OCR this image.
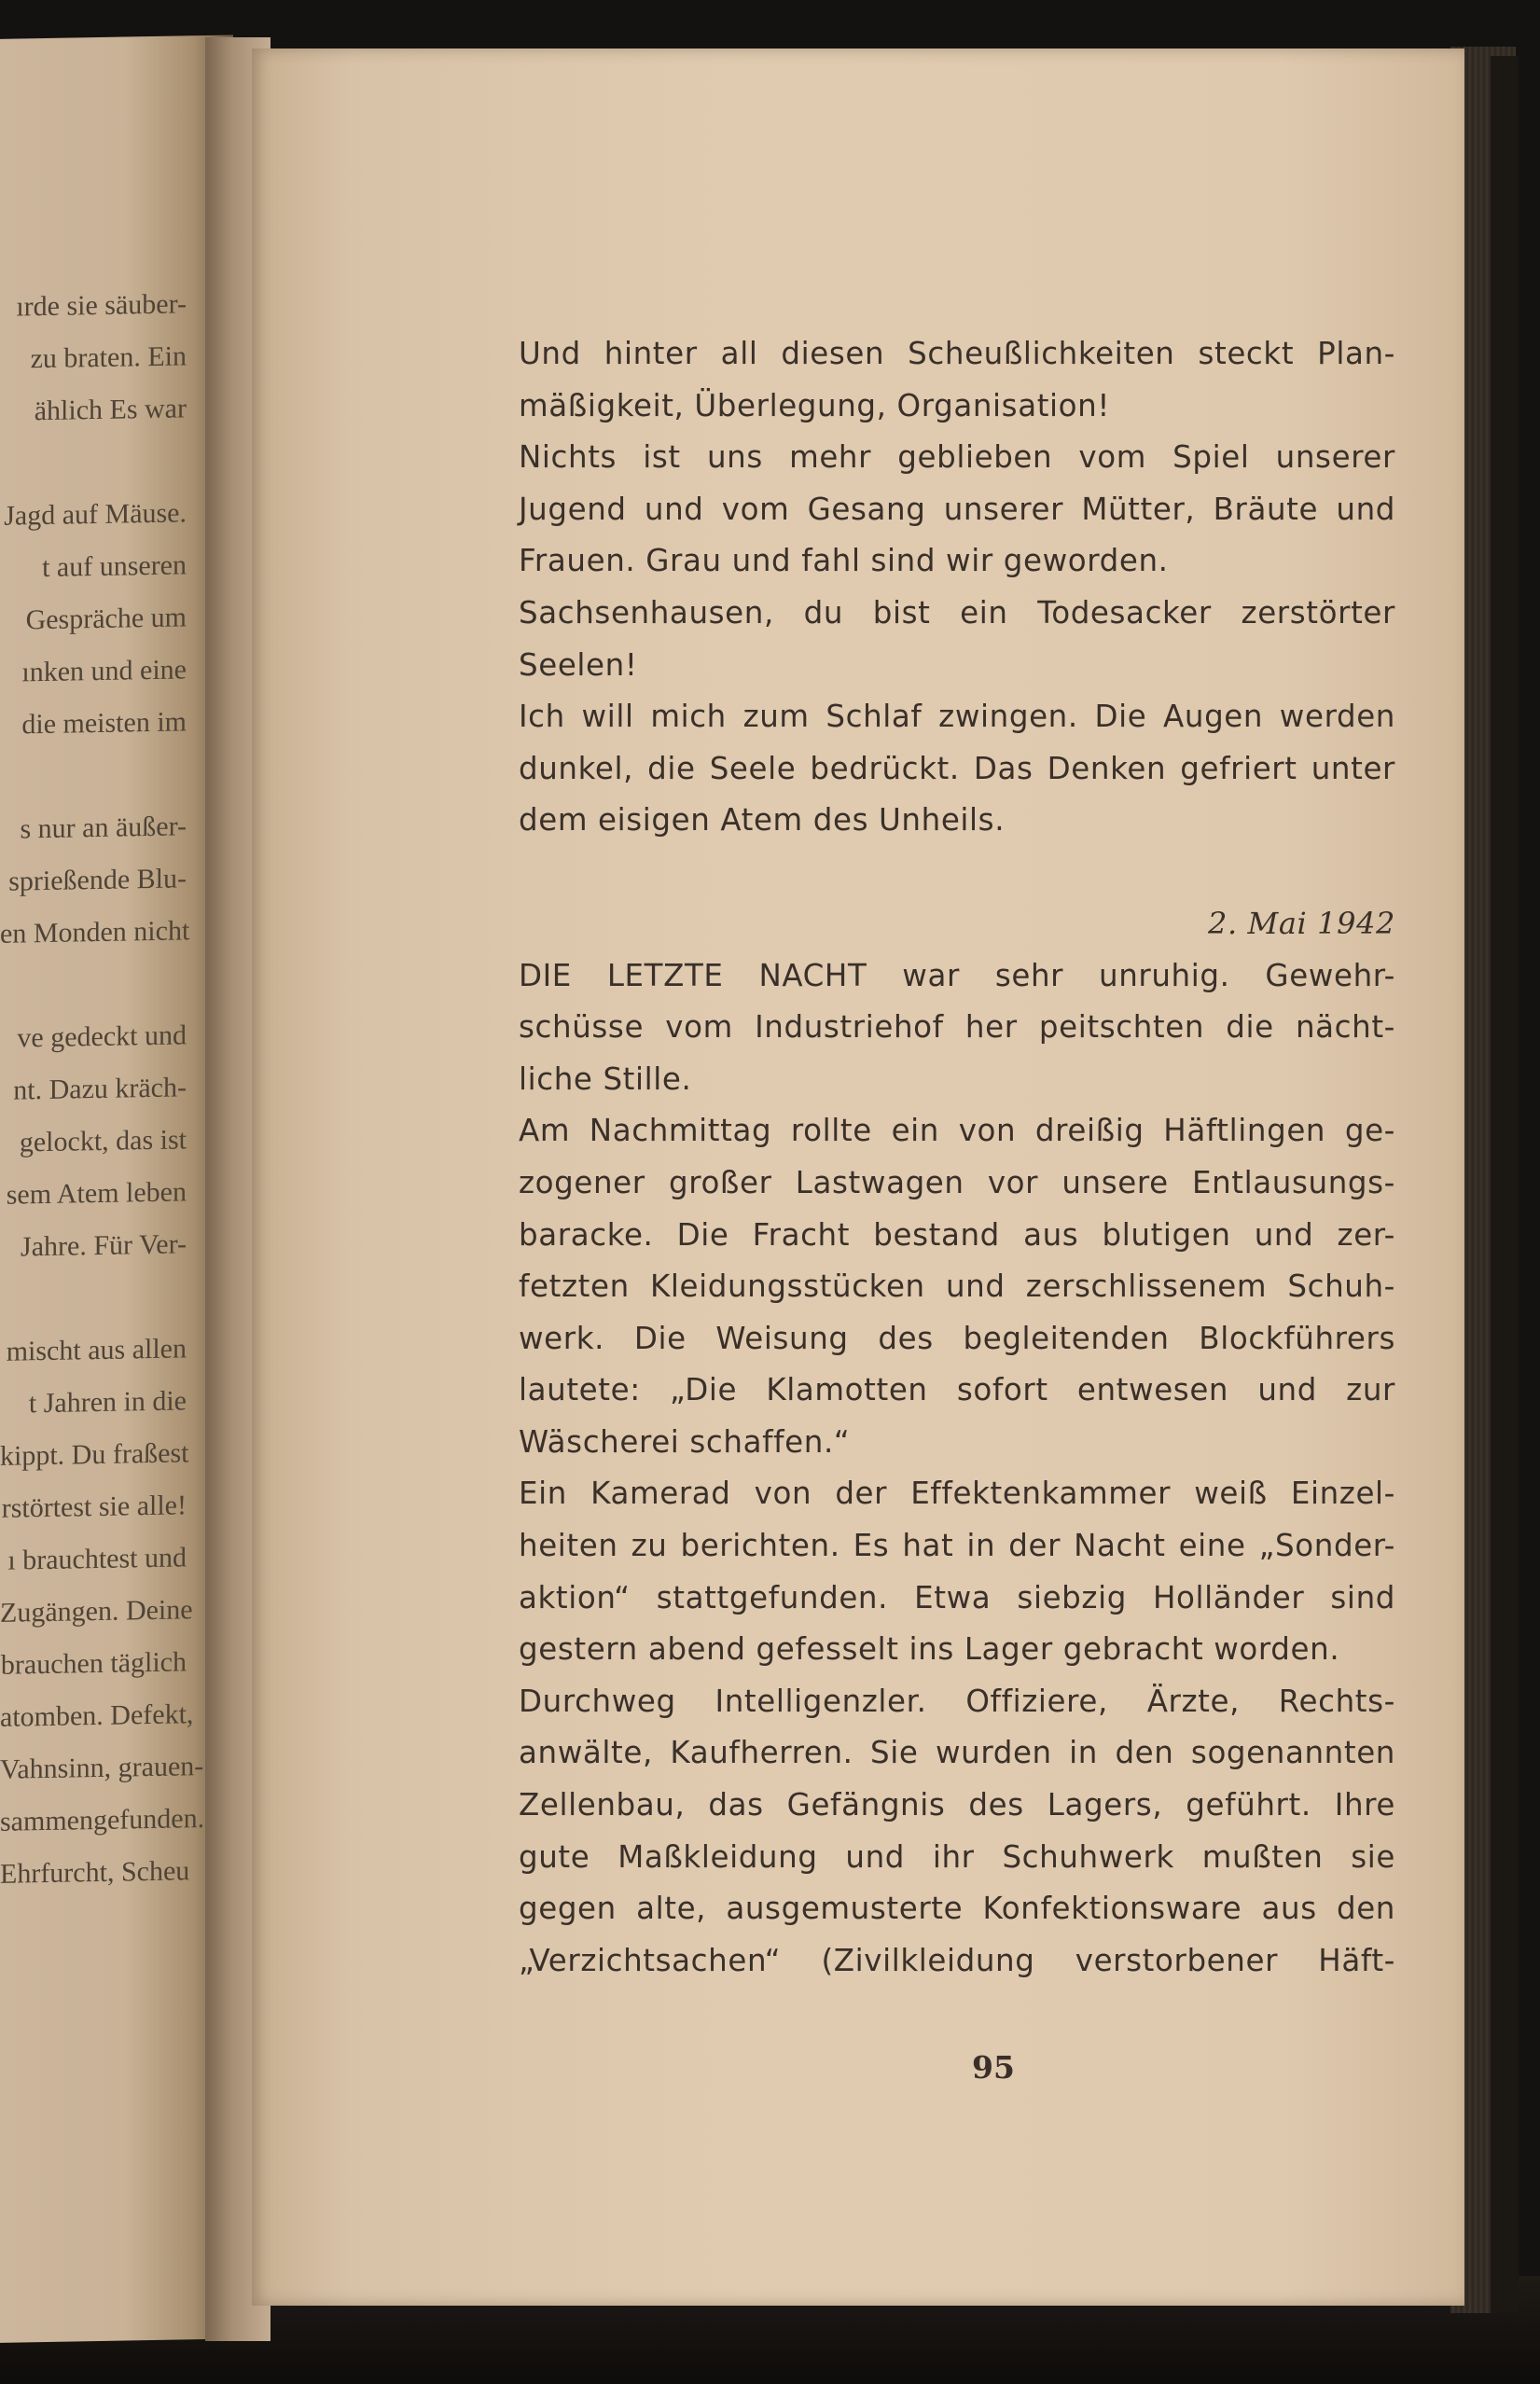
ırde sie säuber-
zu braten. Ein
ählich Es war

Jagd auf Mäuse.
t auf unseren
Gespräche um
ınken und eine
die meisten im

s nur an äußer-
sprießende Blu-
en Monden nicht

ve gedeckt und
nt. Dazu kräch-
gelockt, das ist
sem Atem leben
Jahre. Für Ver-

mischt aus allen
t Jahren in die
kippt. Du fraßest
rstörtest sie alle!
ı brauchtest und
Zugängen. Deine
brauchen täglich
atomben. Defekt,
Vahnsinn, grauen-
sammengefunden.
Ehrfurcht, Scheu
Und hinter all diesen Scheußlichkeiten steckt Plan-
mäßigkeit, Überlegung, Organisation!
Nichts ist uns mehr geblieben vom Spiel unserer
Jugend und vom Gesang unserer Mütter, Bräute und
Frauen. Grau und fahl sind wir geworden.
Sachsenhausen, du bist ein Todesacker zerstörter
Seelen!
Ich will mich zum Schlaf zwingen. Die Augen werden
dunkel, die Seele bedrückt. Das Denken gefriert unter
dem eisigen Atem des Unheils.
2. Mai 1942
DIE LETZTE NACHT war sehr unruhig. Gewehr-
schüsse vom Industriehof her peitschten die nächt-
liche Stille.
Am Nachmittag rollte ein von dreißig Häftlingen ge-
zogener großer Lastwagen vor unsere Entlausungs-
baracke. Die Fracht bestand aus blutigen und zer-
fetzten Kleidungsstücken und zerschlissenem Schuh-
werk. Die Weisung des begleitenden Blockführers
lautete: „Die Klamotten sofort entwesen und zur
Wäscherei schaffen.“
Ein Kamerad von der Effektenkammer weiß Einzel-
heiten zu berichten. Es hat in der Nacht eine „Sonder-
aktion“ stattgefunden. Etwa siebzig Holländer sind
gestern abend gefesselt ins Lager gebracht worden.
Durchweg Intelligenzler. Offiziere, Ärzte, Rechts-
anwälte, Kaufherren. Sie wurden in den sogenannten
Zellenbau, das Gefängnis des Lagers, geführt. Ihre
gute Maßkleidung und ihr Schuhwerk mußten sie
gegen alte, ausgemusterte Konfektionsware aus den
„Verzichtsachen“ (Zivilkleidung verstorbener Häft-
95
